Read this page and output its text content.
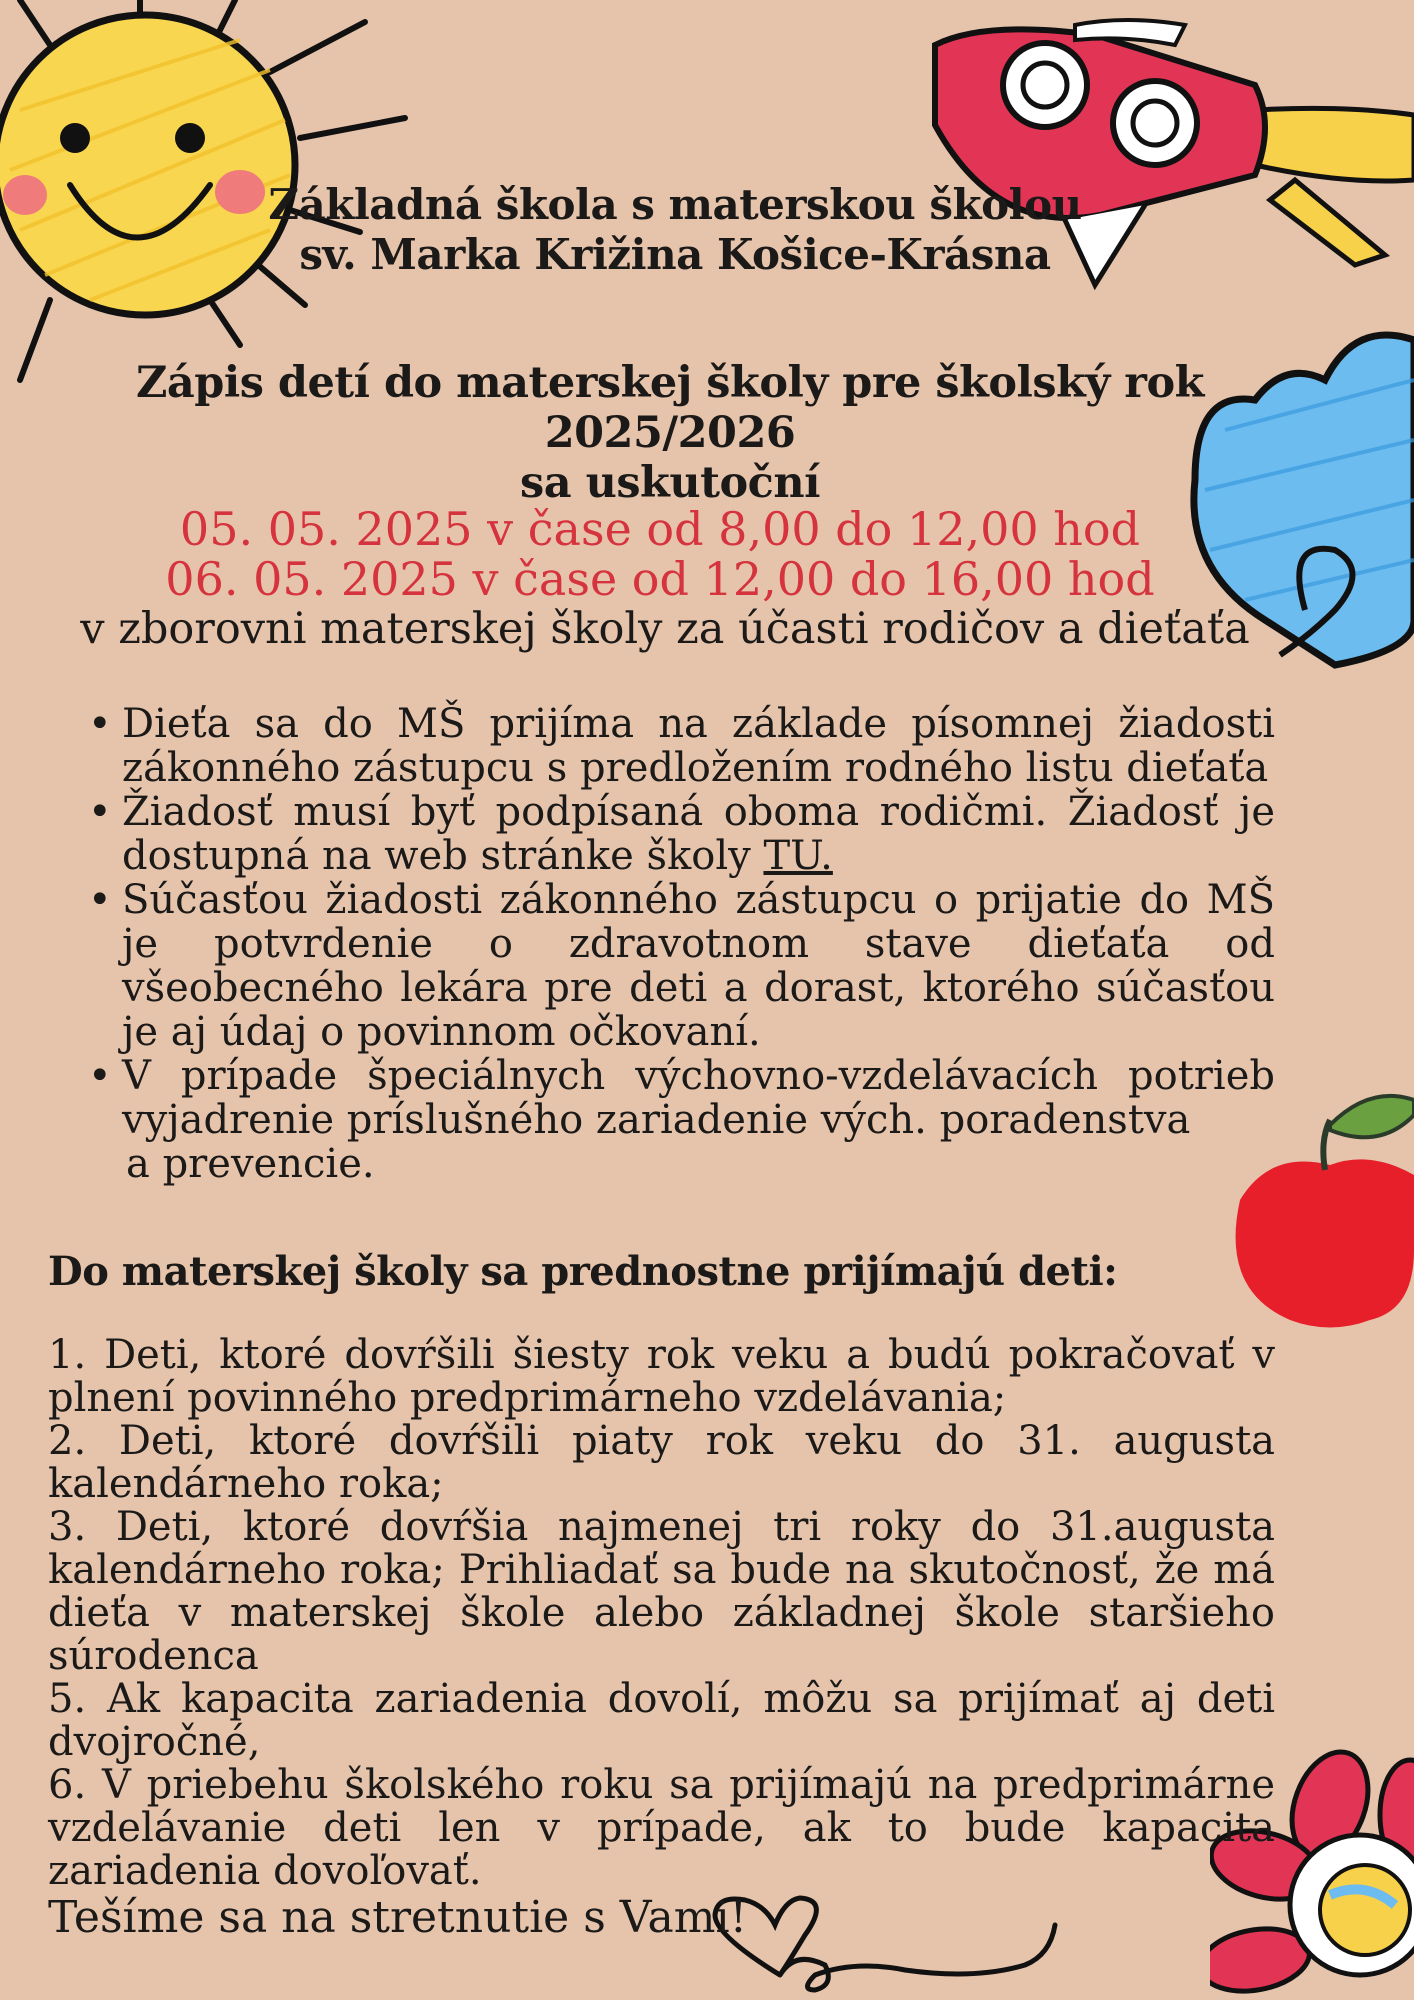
Základná škola s materskou školou
sv. Marka Križina Košice-Krásna
Zápis detí do materskej školy pre školský rok 2025/2026
sa uskutoční
05. 05. 2025 v čase od 8,00 do 12,00 hod
06. 05. 2025 v čase od 12,00 do 16,00 hod
v zborovni materskej školy za účasti rodičov a dieťaťa
• Dieťa sa do MŠ prijíma na základe písomnej žiadosti zákonného zástupcu s predložením rodného listu dieťaťa
• Žiadosť musí byť podpísaná oboma rodičmi. Žiadosť je dostupná na web stránke školy TU.
• Súčasťou žiadosti zákonného zástupcu o prijatie do MŠ je potvrdenie o zdravotnom stave dieťaťa od všeobecného lekára pre deti a dorast, ktorého súčasťou je aj údaj o povinnom očkovaní.
• V prípade špeciálnych výchovno-vzdelávacích potrieb vyjadrenie príslušného zariadenie vých. poradenstva
a prevencie.
Do materskej školy sa prednostne prijímajú deti:

1. Deti, ktoré dovŕšili šiesty rok veku a budú pokračovať v plnení povinného predprimárneho vzdelávania;

2. Deti, ktoré dovŕšili piaty rok veku do 31. augusta kalendárneho roka;

3. Deti, ktoré dovŕšia najmenej tri roky do 31.augusta kalendárneho roka; Prihliadať sa bude na skutočnosť, že má dieťa v materskej škole alebo základnej škole staršieho súrodenca

5. Ak kapacita zariadenia dovolí, môžu sa prijímať aj deti dvojročné,

6. V priebehu školského roku sa prijímajú na predprimárne vzdelávanie deti len v prípade, ak to bude kapacita zariadenia dovoľovať.

Tešíme sa na stretnutie s Vami!
